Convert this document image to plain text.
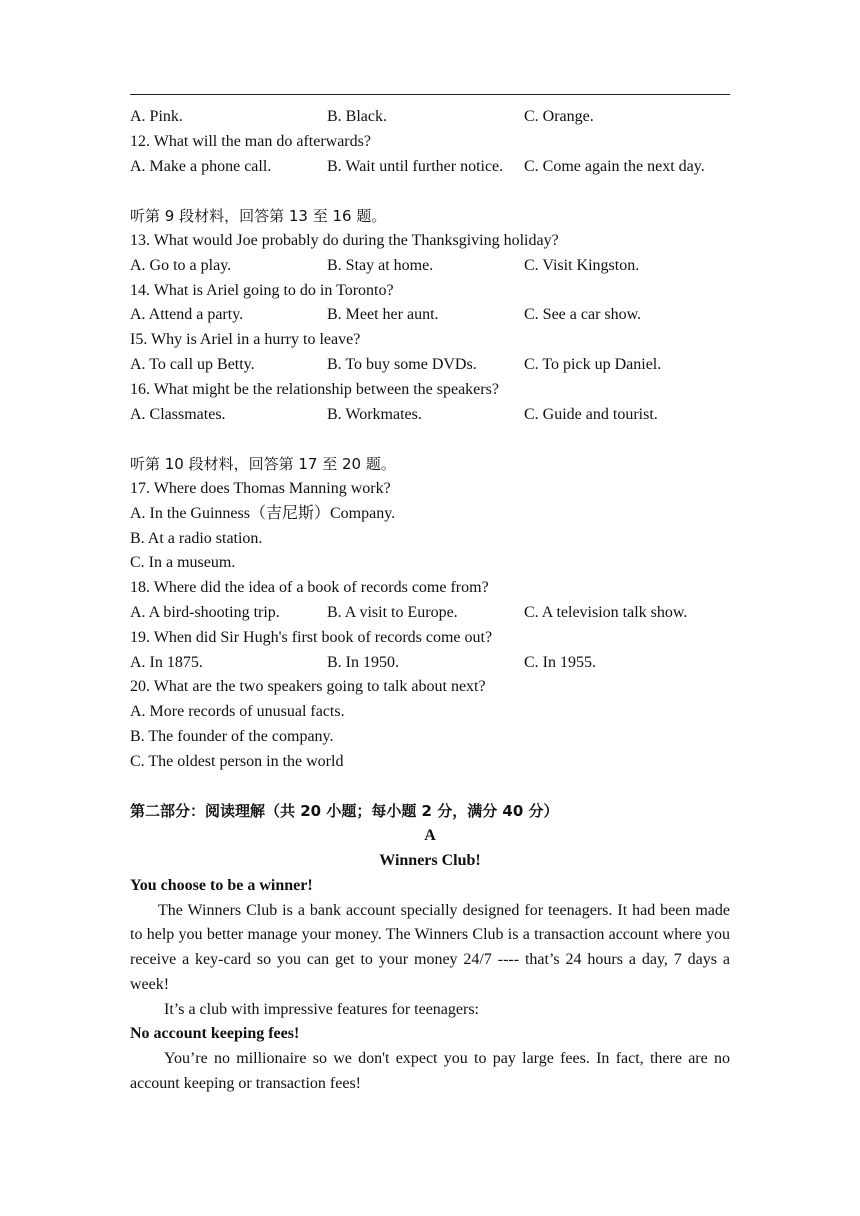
A. Pink.	B. Black.	C. Orange.
12. What will the man do afterwards?
A. Make a phone call.	B. Wait until further notice. C. Come again the next day.
听第 9 段材料，回答第 13 至 16 题。
13. What would Joe probably do during the Thanksgiving holiday?
A. Go to a play.	B. Stay at home.	C. Visit Kingston.
14. What is Ariel going to do in Toronto?
A. Attend a party.	B. Meet her aunt.	C. See a car show.
I5. Why is Ariel in a hurry to leave?
A. To call up Betty.	B. To buy some DVDs.	C. To pick up Daniel.
16. What might be the relationship between the speakers?
A. Classmates.	B. Workmates.	C. Guide and tourist.
听第 10 段材料，回答第 17 至 20 题。
17. Where does Thomas Manning work?
A. In the Guinness（吉尼斯）Company.
B. At a radio station.
C. In a museum.
18. Where did the idea of a book of records come from?
A. A bird-shooting trip.	B. A visit to Europe.	C. A television talk show.
19. When did Sir Hugh's first book of records come out?
A. In 1875.	B. In 1950.	C. In 1955.
20. What are the two speakers going to talk about next?
A. More records of unusual facts.
B. The founder of the company.
C. The oldest person in the world
第二部分：阅读理解（共 20 小题；每小题 2 分，满分 40 分）
A
Winners Club!
You choose to be a winner!

The Winners Club is a bank account specially designed for teenagers. It had been made to help you better manage your money. The Winners Club is a transaction account where you receive a key-card so you can get to your money 24/7 ---- that’s 24 hours a day, 7 days a week!

It’s a club with impressive features for teenagers:

No account keeping fees!

You’re no millionaire so we don't expect you to pay large fees. In fact, there are no account keeping or transaction fees!
